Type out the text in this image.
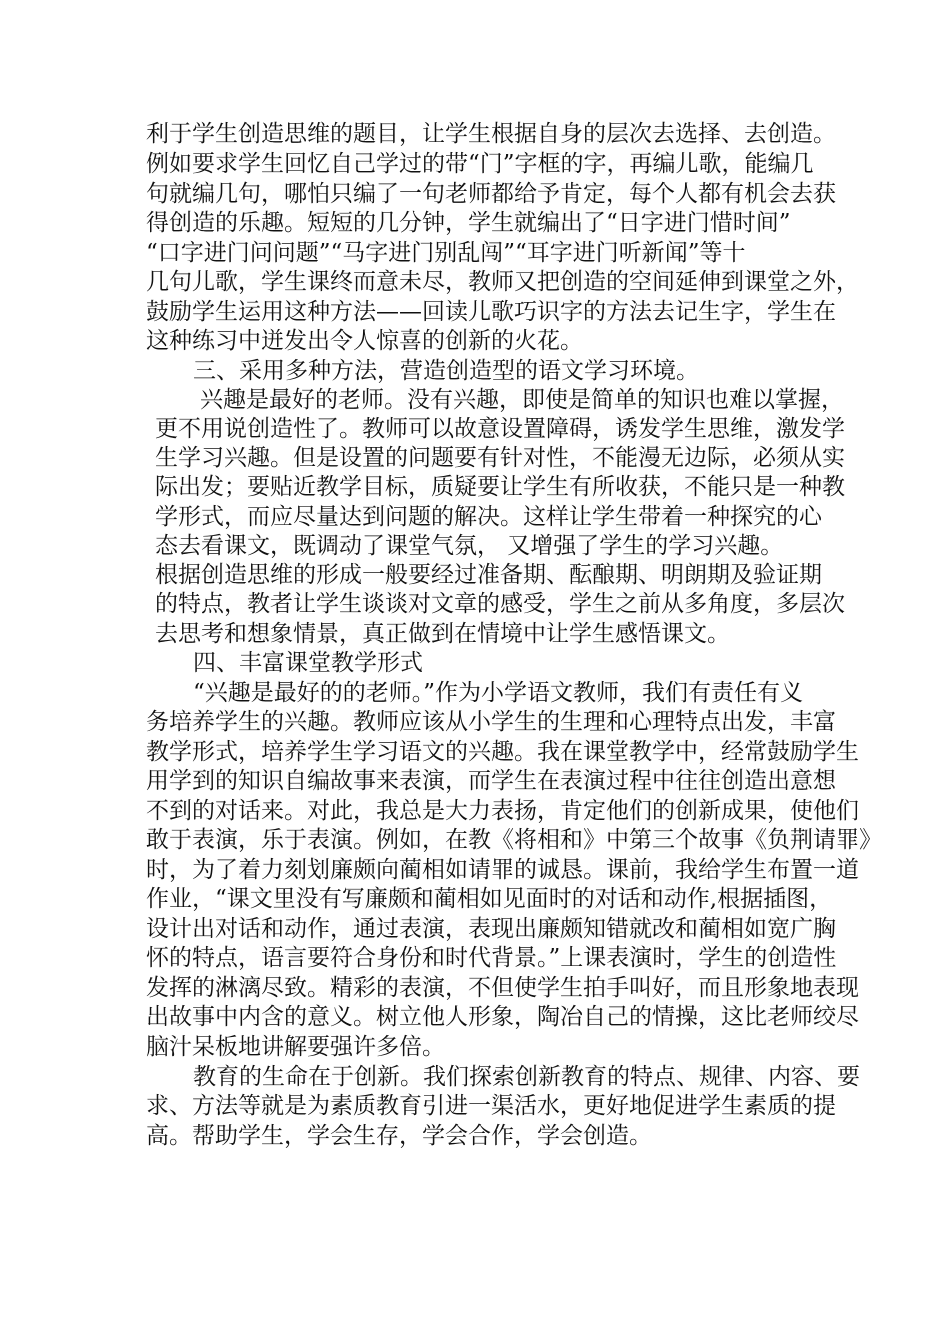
利于学生创造思维的题目，让学生根据自身的层次去选择、去创造。

例如要求学生回忆自己学过的带“门”字框的字，再编儿歌，能编几

句就编几句，哪怕只编了一句老师都给予肯定，每个人都有机会去获

得创造的乐趣。短短的几分钟，学生就编出了“日字进门惜时间”

“口字进门问问题”“马字进门别乱闯”“耳字进门听新闻”等十

几句儿歌，学生课终而意未尽，教师又把创造的空间延伸到课堂之外，

鼓励学生运用这种方法——回读儿歌巧识字的方法去记生字，学生在

这种练习中迸发出令人惊喜的创新的火花。

三、采用多种方法，营造创造型的语文学习环境。

兴趣是最好的老师。没有兴趣，即使是简单的知识也难以掌握，

更不用说创造性了。教师可以故意设置障碍，诱发学生思维，激发学

生学习兴趣。但是设置的问题要有针对性，不能漫无边际，必须从实

际出发；要贴近教学目标，质疑要让学生有所收获，不能只是一种教

学形式，而应尽量达到问题的解决。这样让学生带着一种探究的心

态去看课文，既调动了课堂气氛， 又增强了学生的学习兴趣。

根据创造思维的形成一般要经过准备期、酝酿期、明朗期及验证期

的特点，教者让学生谈谈对文章的感受，学生之前从多角度，多层次

去思考和想象情景，真正做到在情境中让学生感悟课文。

四、丰富课堂教学形式

“兴趣是最好的的老师。”作为小学语文教师，我们有责任有义

务培养学生的兴趣。教师应该从小学生的生理和心理特点出发，丰富

教学形式，培养学生学习语文的兴趣。我在课堂教学中，经常鼓励学生

用学到的知识自编故事来表演，而学生在表演过程中往往创造出意想

不到的对话来。对此，我总是大力表扬，肯定他们的创新成果，使他们

敢于表演，乐于表演。例如，在教《将相和》中第三个故事《负荆请罪》

时，为了着力刻划廉颇向蔺相如请罪的诚恳。课前，我给学生布置一道

作业，“课文里没有写廉颇和蔺相如见面时的对话和动作,根据插图，

设计出对话和动作，通过表演，表现出廉颇知错就改和蔺相如宽广胸

怀的特点，语言要符合身份和时代背景。”上课表演时，学生的创造性

发挥的淋漓尽致。精彩的表演，不但使学生拍手叫好，而且形象地表现

出故事中内含的意义。树立他人形象，陶冶自己的情操，这比老师绞尽

脑汁呆板地讲解要强许多倍。

教育的生命在于创新。我们探索创新教育的特点、规律、内容、要

求、方法等就是为素质教育引进一渠活水，更好地促进学生素质的提

高。帮助学生，学会生存，学会合作，学会创造。
